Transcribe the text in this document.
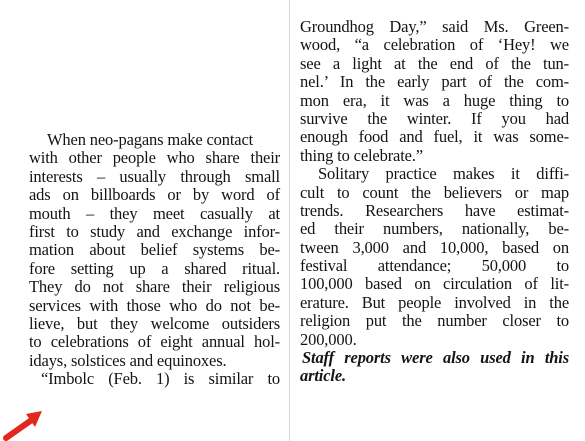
When neo-pagans make contact
with other people who share their
interests – usually through small
ads on billboards or by word of
mouth – they meet casually at
first to study and exchange infor-
mation about belief systems be-
fore setting up a shared ritual.
They do not share their religious
services with those who do not be-
lieve, but they welcome outsiders
to celebrations of eight annual hol-
idays, solstices and equinoxes.
“Imbolc (Feb. 1) is similar to
Groundhog Day,” said Ms. Green-
wood, “a celebration of ‘Hey! we
see a light at the end of the tun-
nel.’ In the early part of the com-
mon era, it was a huge thing to
survive the winter. If you had
enough food and fuel, it was some-
thing to celebrate.”
Solitary practice makes it diffi-
cult to count the believers or map
trends. Researchers have estimat-
ed their numbers, nationally, be-
tween 3,000 and 10,000, based on
festival attendance; 50,000 to
100,000 based on circulation of lit-
erature. But people involved in the
religion put the number closer to
200,000.
Staff reports were also used in this
article.
